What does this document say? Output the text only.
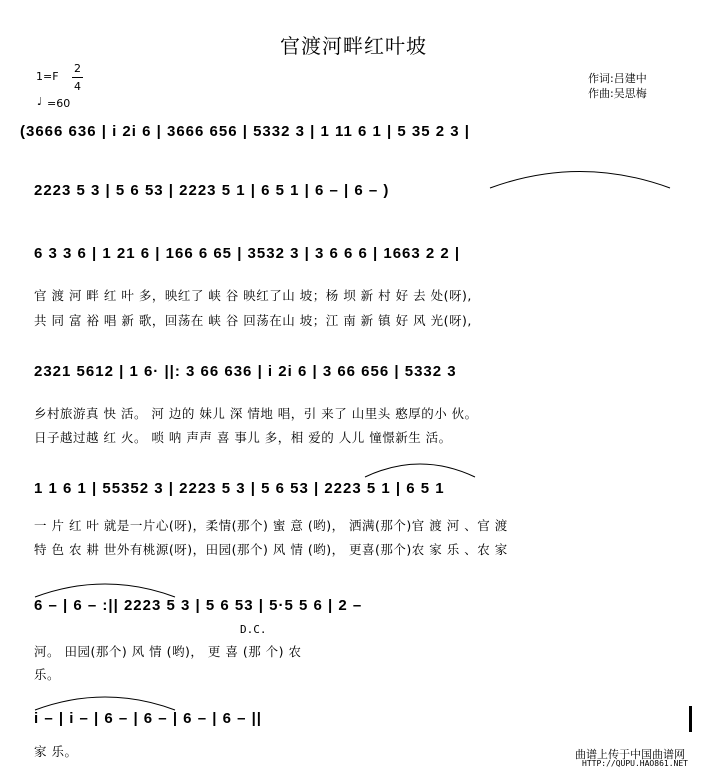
官渡河畔红叶坡
1=F
2
4
♩ =60
作词:吕建中
作曲:吴思梅
(3666 636 | i 2i 6 | 3666 656 | 5332 3 | 1 11 6 1 | 5 35 2 3 |
2223 5 3 | 5 6 53 | 2223 5 1 | 6 5 1 | 6 – | 6 – )
6 3 3 6 | 1 21 6 | 166 6 65 | 3532 3 | 3 6 6 6 | 1663 2 2 |
官 渡 河 畔 红 叶 多，映红了 峡 谷 映红了山 坡；杨 坝 新 村 好 去 处(呀),
共 同 富 裕 唱 新 歌，回荡在 峡 谷 回荡在山 坡；江 南 新 镇 好 风 光(呀),
2321 5612 | 1 6· ||: 3 66 636 | i 2i 6 | 3 66 656 | 5332 3
乡村旅游真 快 活。 河 边的 妹儿 深 情地 唱，引 来了 山里头 憨厚的小 伙。
日子越过越 红 火。 唢 呐 声声 喜 事儿 多，相 爱的 人儿 憧憬新生 活。
1 1 6 1 | 55352 3 | 2223 5 3 | 5 6 53 | 2223 5 1 | 6 5 1
一 片 红 叶 就是一片心(呀)，柔情(那个) 蜜 意 (哟)， 洒满(那个)官 渡 河 、官 渡
特 色 农 耕 世外有桃源(呀)，田园(那个) 风 情 (哟)， 更喜(那个)农 家 乐 、农 家
6 – | 6 – :|| 2223 5 3 | 5 6 53 | 5·5 5 6 | 2 –
D.C.
河。 田园(那个) 风 情 (哟)， 更 喜 (那 个) 农
乐。
i – | i – | 6 – | 6 – | 6 – | 6 – ||
家 乐。	曲谱上传于中国曲谱网
HTTP://QUPU.HAO861.NET
